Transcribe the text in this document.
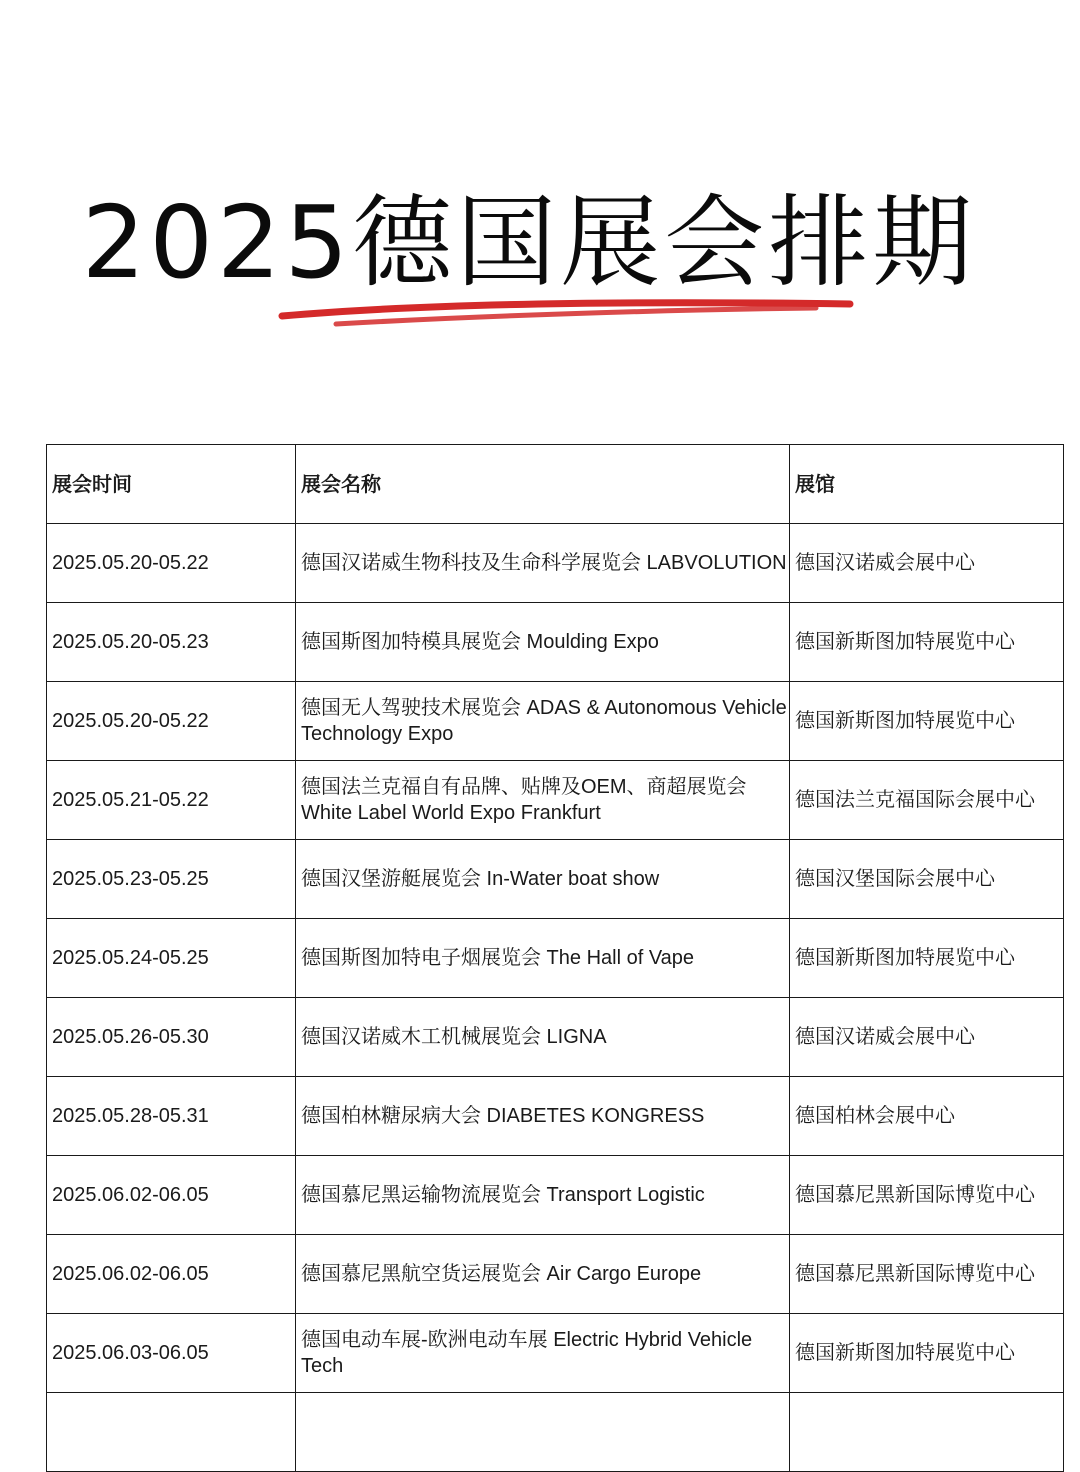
2025德国展会排期
展会时间	展会名称	展馆
2025.05.20-05.22	德国汉诺威生物科技及生命科学展览会 LABVOLUTION	德国汉诺威会展中心
2025.05.20-05.23	德国斯图加特模具展览会 Moulding Expo	德国新斯图加特展览中心
2025.05.20-05.22	德国无人驾驶技术展览会 ADAS & Autonomous Vehicle Technology Expo	德国新斯图加特展览中心
2025.05.21-05.22	德国法兰克福自有品牌、贴牌及OEM、商超展览会 White Label World Expo Frankfurt	德国法兰克福国际会展中心
2025.05.23-05.25	德国汉堡游艇展览会 In-Water boat show	德国汉堡国际会展中心
2025.05.24-05.25	德国斯图加特电子烟展览会 The Hall of Vape	德国新斯图加特展览中心
2025.05.26-05.30	德国汉诺威木工机械展览会 LIGNA	德国汉诺威会展中心
2025.05.28-05.31	德国柏林糖尿病大会 DIABETES KONGRESS	德国柏林会展中心
2025.06.02-06.05	德国慕尼黑运输物流展览会 Transport Logistic	德国慕尼黑新国际博览中心
2025.06.02-06.05	德国慕尼黑航空货运展览会 Air Cargo Europe	德国慕尼黑新国际博览中心
2025.06.03-06.05	德国电动车展-欧洲电动车展 Electric Hybrid Vehicle Tech	德国新斯图加特展览中心
